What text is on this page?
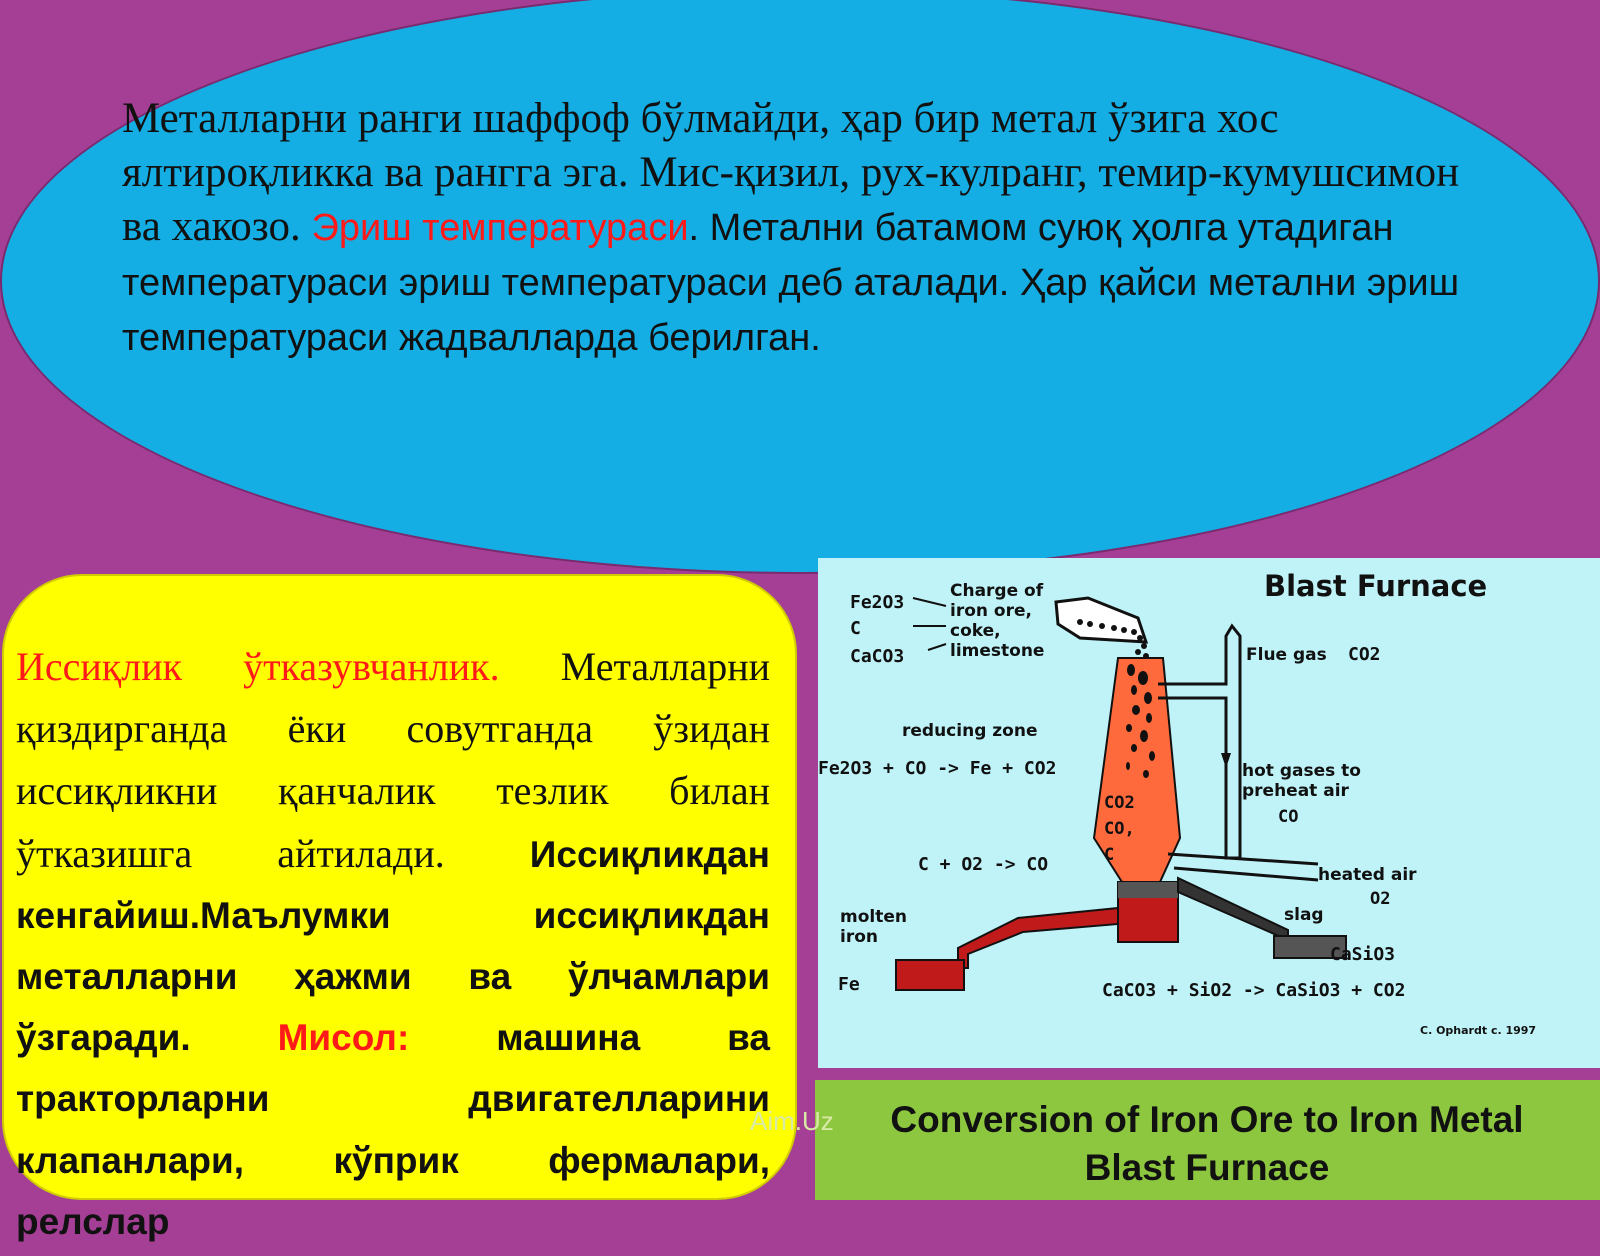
Металларни ранги шаффоф бўлмайди, ҳар бир метал ўзига хос ялтироқликка ва рангга эга. Мис-қизил, рух-кулранг, темир-кумушсимон ва хакозо. Эриш температураси. Метални батамом суюқ ҳолга утадиган температураси эриш температураси деб аталади. Ҳар қайси метални эриш температураси жадвалларда берилган.
Иссиқлик ўтказувчанлик. Металларни қиздирганда ёки совутганда ўзидан иссиқликни қанчалик тезлик билан ўтказишга айтилади. Иссиқликдан кенгайиш.Маълумки иссиқликдан металларни ҳажми ва ўлчамлари ўзгаради. Мисол: машина ва тракторларни двигателларини клапанлари, кўприк фермалари, релслар
Blast Furnace
Charge of
iron ore,
coke,
limestone
Fe2O3
C
CaCO3	Flue gas CO2
reducing zone
Fe2O3 + CO -> Fe + CO2
CO2
CO,
C
hot gases to
preheat air
CO
C + O2 -> CO	heated air
O2
molten
iron
Fe
slag
CaSiO3
CaCO3 + SiO2 -> CaSiO3 + CO2
C. Ophardt c. 1997
Conversion of Iron Ore to Iron Metal
Blast Furnace
Aim.Uz
